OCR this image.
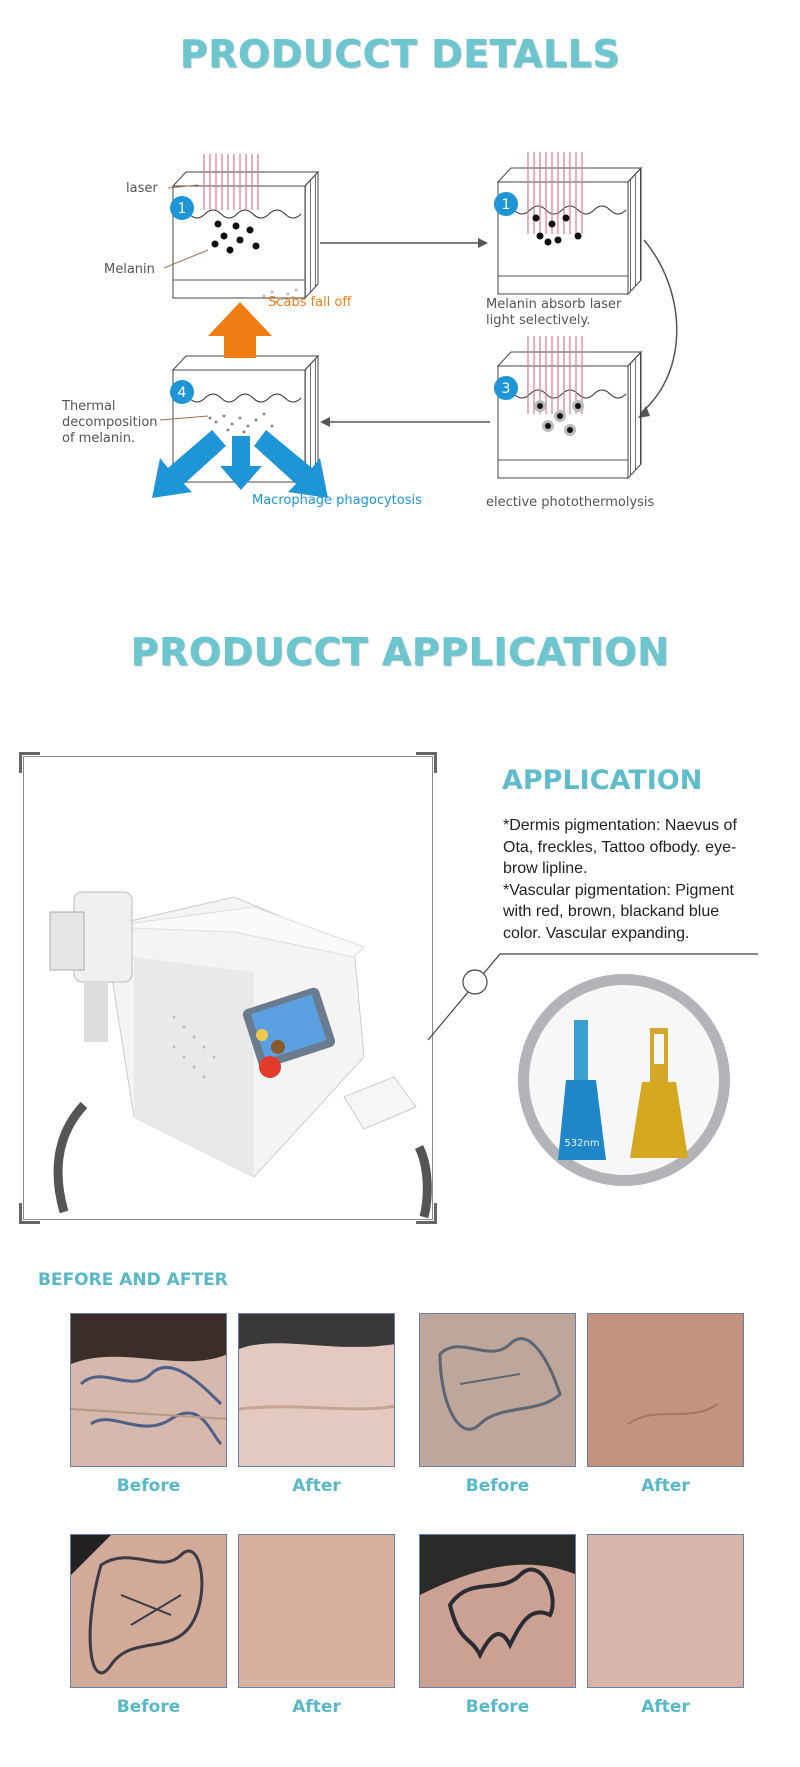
PRODUCCT DETALLS
1
laser
Melanin
1
Melanin absorb laser
light selectively.
3
elective photothermolysis
Scabs fall off
4
Thermal
decomposition
of melanin.
Macrophage phagocytosis
PRODUCCT APPLICATION
APPLICATION
*Dermis pigmentation: Naevus of
Ota, freckles, Tattoo ofbody. eye-
brow lipline.
*Vascular pigmentation: Pigment
with red, brown, blackand blue
color. Vascular expanding.
532nm
BEFORE AND AFTER
Before	After	Before	After
Before	After	Before	After
